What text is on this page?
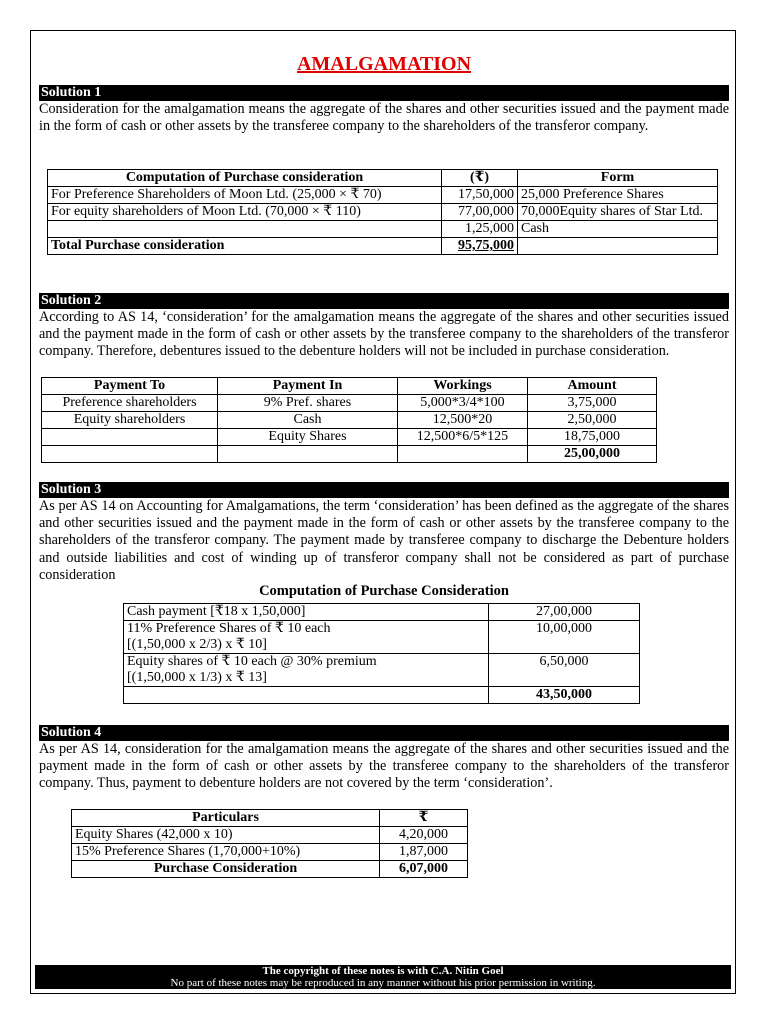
AMALGAMATION
Solution 1

Consideration for the amalgamation means the aggregate of the shares and other securities issued and the payment made in the form of cash or other assets by the transferee company to the shareholders of the transferor company.

Computation of Purchase consideration	(₹)	Form
For Preference Shareholders of Moon Ltd. (25,000 × ₹ 70)	17,50,000	25,000 Preference Shares
For equity shareholders of Moon Ltd. (70,000 × ₹ 110)	77,00,000	70,000Equity shares of Star Ltd.
	1,25,000	Cash
Total Purchase consideration	95,75,000	
Solution 2

According to AS 14, ‘consideration’ for the amalgamation means the aggregate of the shares and other securities issued and the payment made in the form of cash or other assets by the transferee company to the shareholders of the transferor company. Therefore, debentures issued to the debenture holders will not be included in purchase consideration.

Payment To	Payment In	Workings	Amount
Preference shareholders	9% Pref. shares	5,000*3/4*100	3,75,000
Equity shareholders	Cash	12,500*20	2,50,000
	Equity Shares	12,500*6/5*125	18,75,000
			25,00,000
Solution 3

As per AS 14 on Accounting for Amalgamations, the term ‘consideration’ has been defined as the aggregate of the shares and other securities issued and the payment made in the form of cash or other assets by the transferee company to the shareholders of the transferor company. The payment made by transferee company to discharge the Debenture holders and outside liabilities and cost of winding up of transferor company shall not be considered as part of purchase consideration

Computation of Purchase Consideration
Cash payment [₹18 x 1,50,000]	27,00,000
11% Preference Shares of ₹ 10 each
[(1,50,000 x 2/3) x ₹ 10]	10,00,000
Equity shares of ₹ 10 each @ 30% premium
[(1,50,000 x 1/3) x ₹ 13]	6,50,000
	43,50,000
Solution 4

As per AS 14, consideration for the amalgamation means the aggregate of the shares and other securities issued and the payment made in the form of cash or other assets by the transferee company to the shareholders of the transferor company. Thus, payment to debenture holders are not covered by the term ‘consideration’.

Particulars	₹
Equity Shares (42,000 x 10)	4,20,000
15% Preference Shares (1,70,000+10%)	1,87,000
Purchase Consideration	6,07,000
The copyright of these notes is with C.A. Nitin Goel
No part of these notes may be reproduced in any manner without his prior permission in writing.
